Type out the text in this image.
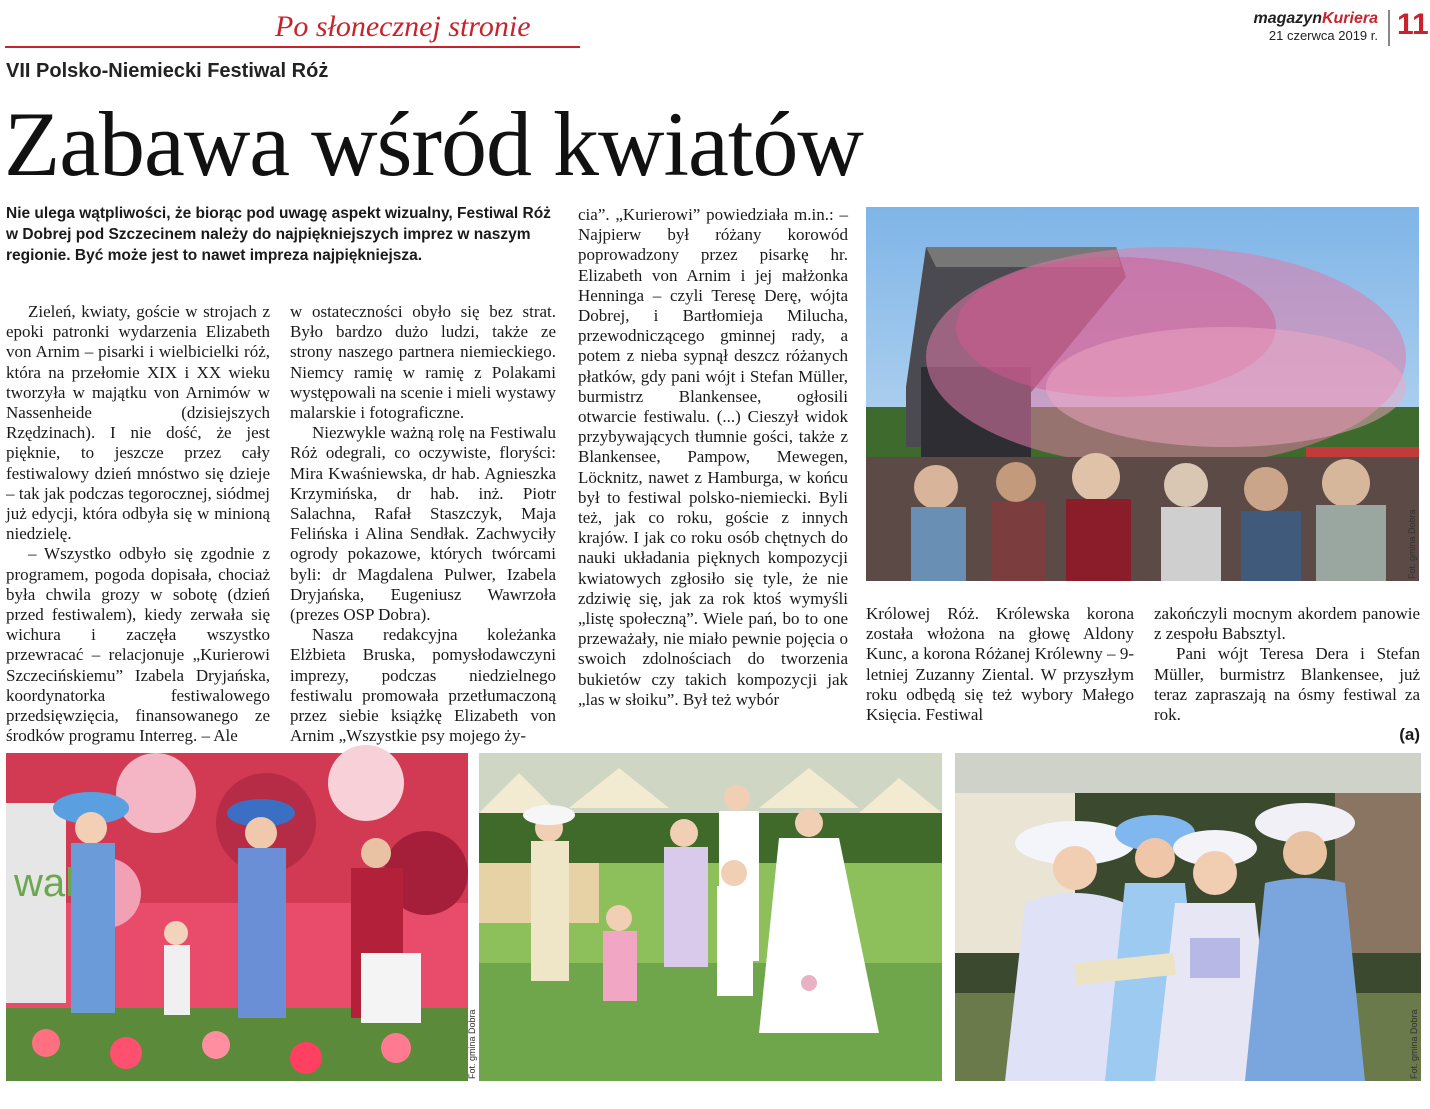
Po słonecznej stronie	magazynKuriera
21 czerwca 2019 r. 11
VII Polsko-Niemiecki Festiwal Róż
Zabawa wśród kwiatów

Nie ulega wątpliwości, że biorąc pod uwagę aspekt wizualny, Festiwal Róż w Dobrej pod Szczecinem należy do najpiękniejszych imprez w naszym regionie. Być może jest to nawet impreza najpiękniejsza.

Zieleń, kwiaty, goście w strojach z epoki patronki wydarzenia Elizabeth von Arnim – pisarki i wielbicielki róż, która na przełomie XIX i XX wieku tworzyła w majątku von Arnimów w Nassenheide (dzisiejszych Rzędzinach). I nie dość, że jest pięknie, to jeszcze przez cały festiwalowy dzień mnóstwo się dzieje – tak jak podczas tegorocznej, siódmej już edycji, która odbyła się w minioną niedzielę.

– Wszystko odbyło się zgodnie z programem, pogoda dopisała, chociaż była chwila grozy w sobotę (dzień przed festiwalem), kiedy zerwała się wichura i zaczęła wszystko przewracać – relacjonuje „Kurierowi Szczecińskiemu” Izabela Dryjańska, koordynatorka festiwalowego przedsięwzięcia, finansowanego ze środków programu Interreg. – Ale

w ostateczności obyło się bez strat. Było bardzo dużo ludzi, także ze strony naszego partnera niemieckiego. Niemcy ramię w ramię z Polakami występowali na scenie i mieli wystawy malarskie i fotograficzne.

Niezwykle ważną rolę na Festiwalu Róż odegrali, co oczywiste, floryści: Mira Kwaśniewska, dr hab. Agnieszka Krzymińska, dr hab. inż. Piotr Salachna, Rafał Staszczyk, Maja Felińska i Alina Sendłak. Zachwyciły ogrody pokazowe, których twórcami byli: dr Magdalena Pulwer, Izabela Dryjańska, Eugeniusz Wawrzoła (prezes OSP Dobra).

Nasza redakcyjna koleżanka Elżbieta Bruska, pomysłodawczyni imprezy, podczas niedzielnego festiwalu promowała przetłumaczoną przez siebie książkę Elizabeth von Arnim „Wszystkie psy mojego ży-

cia”. „Kurierowi” powiedziała m.in.: – Najpierw był różany korowód poprowadzony przez pisarkę hr. Elizabeth von Arnim i jej małżonka Henninga – czyli Teresę Derę, wójta Dobrej, i Bartłomieja Milucha, przewodniczącego gminnej rady, a potem z nieba sypnął deszcz różanych płatków, gdy pani wójt i Stefan Müller, burmistrz Blankensee, ogłosili otwarcie festiwalu. (...) Cieszył widok przybywających tłumnie gości, także z Blankensee, Pampow, Mewegen, Löcknitz, nawet z Hamburga, w końcu był to festiwal polsko-niemiecki. Byli też, jak co roku, goście z innych krajów. I jak co roku osób chętnych do nauki układania pięknych kompozycji kwiatowych zgłosiło się tyle, że nie zdziwię się, jak za rok ktoś wymyśli „listę społeczną”. Wiele pań, bo to one przeważały, nie miało pewnie pojęcia o swoich zdolnościach do tworzenia bukietów czy takich kompozycji jak „las w słoiku”. Był też wybór

Królowej Róż. Królewska korona została włożona na głowę Aldony Kunc, a korona Różanej Królewny – 9-letniej Zuzanny Ziental. W przyszłym roku odbędą się też wybory Małego Księcia. Festiwal

zakończyli mocnym akordem panowie z zespołu Babsztyl.

Pani wójt Teresa Dera i Stefan Müller, burmistrz Blankensee, już teraz zapraszają na ósmy festiwal za rok.

(a)
Fot. gmina Dobra
wal
Fot. gmina Dobra	Fot. gmina Dobra
